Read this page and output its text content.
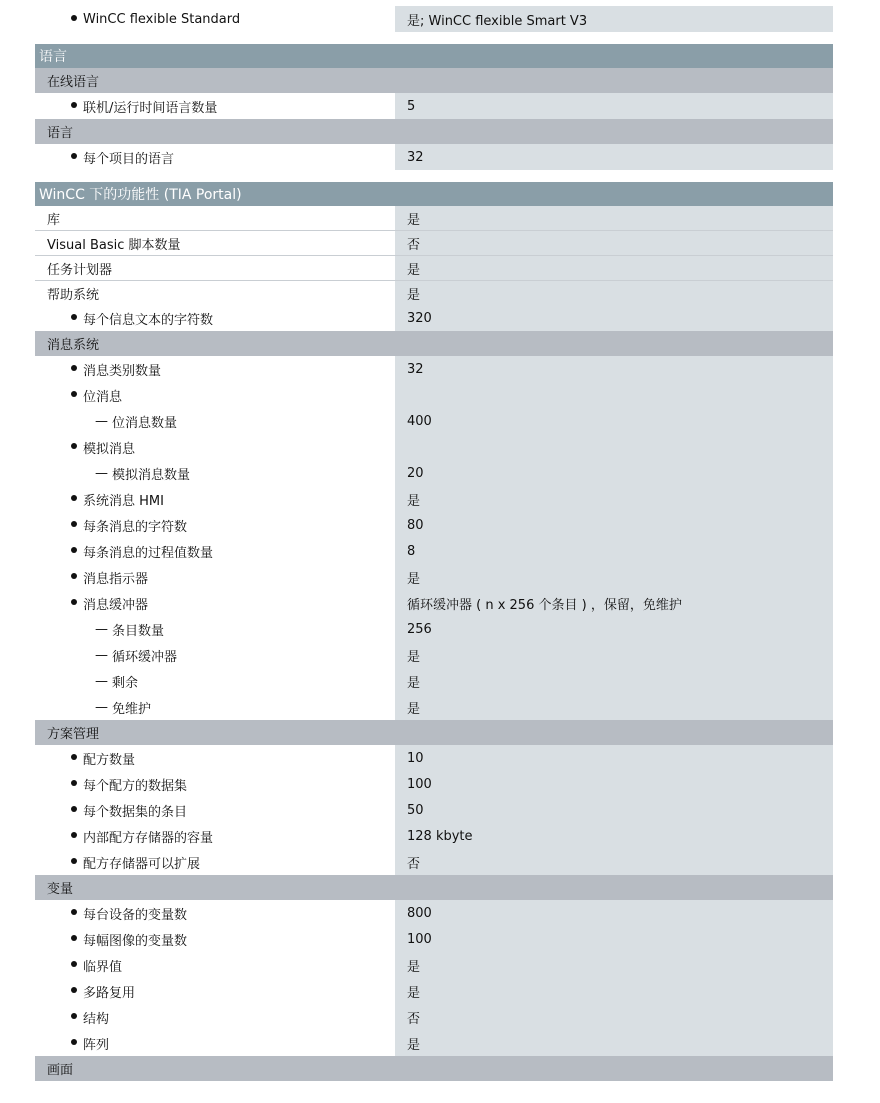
WinCC flexible Standard	是; WinCC flexible Smart V3
语言
在线语言
联机/运行时间语言数量	5
语言
每个项目的语言	32
WinCC 下的功能性 (TIA Portal)
库	是
Visual Basic 脚本数量	否
任务计划器	是
帮助系统	是
每个信息文本的字符数	320
消息系统
消息类别数量	32
位消息
— 位消息数量	400
模拟消息
— 模拟消息数量	20
系统消息 HMI	是
每条消息的字符数	80
每条消息的过程值数量	8
消息指示器	是
消息缓冲器	循环缓冲器 ( n x 256 个条目 ) ，保留，免维护
— 条目数量	256
— 循环缓冲器	是
— 剩余	是
— 免维护	是
方案管理
配方数量	10
每个配方的数据集	100
每个数据集的条目	50
内部配方存储器的容量	128 kbyte
配方存储器可以扩展	否
变量
每台设备的变量数	800
每幅图像的变量数	100
临界值	是
多路复用	是
结构	否
阵列	是
画面
